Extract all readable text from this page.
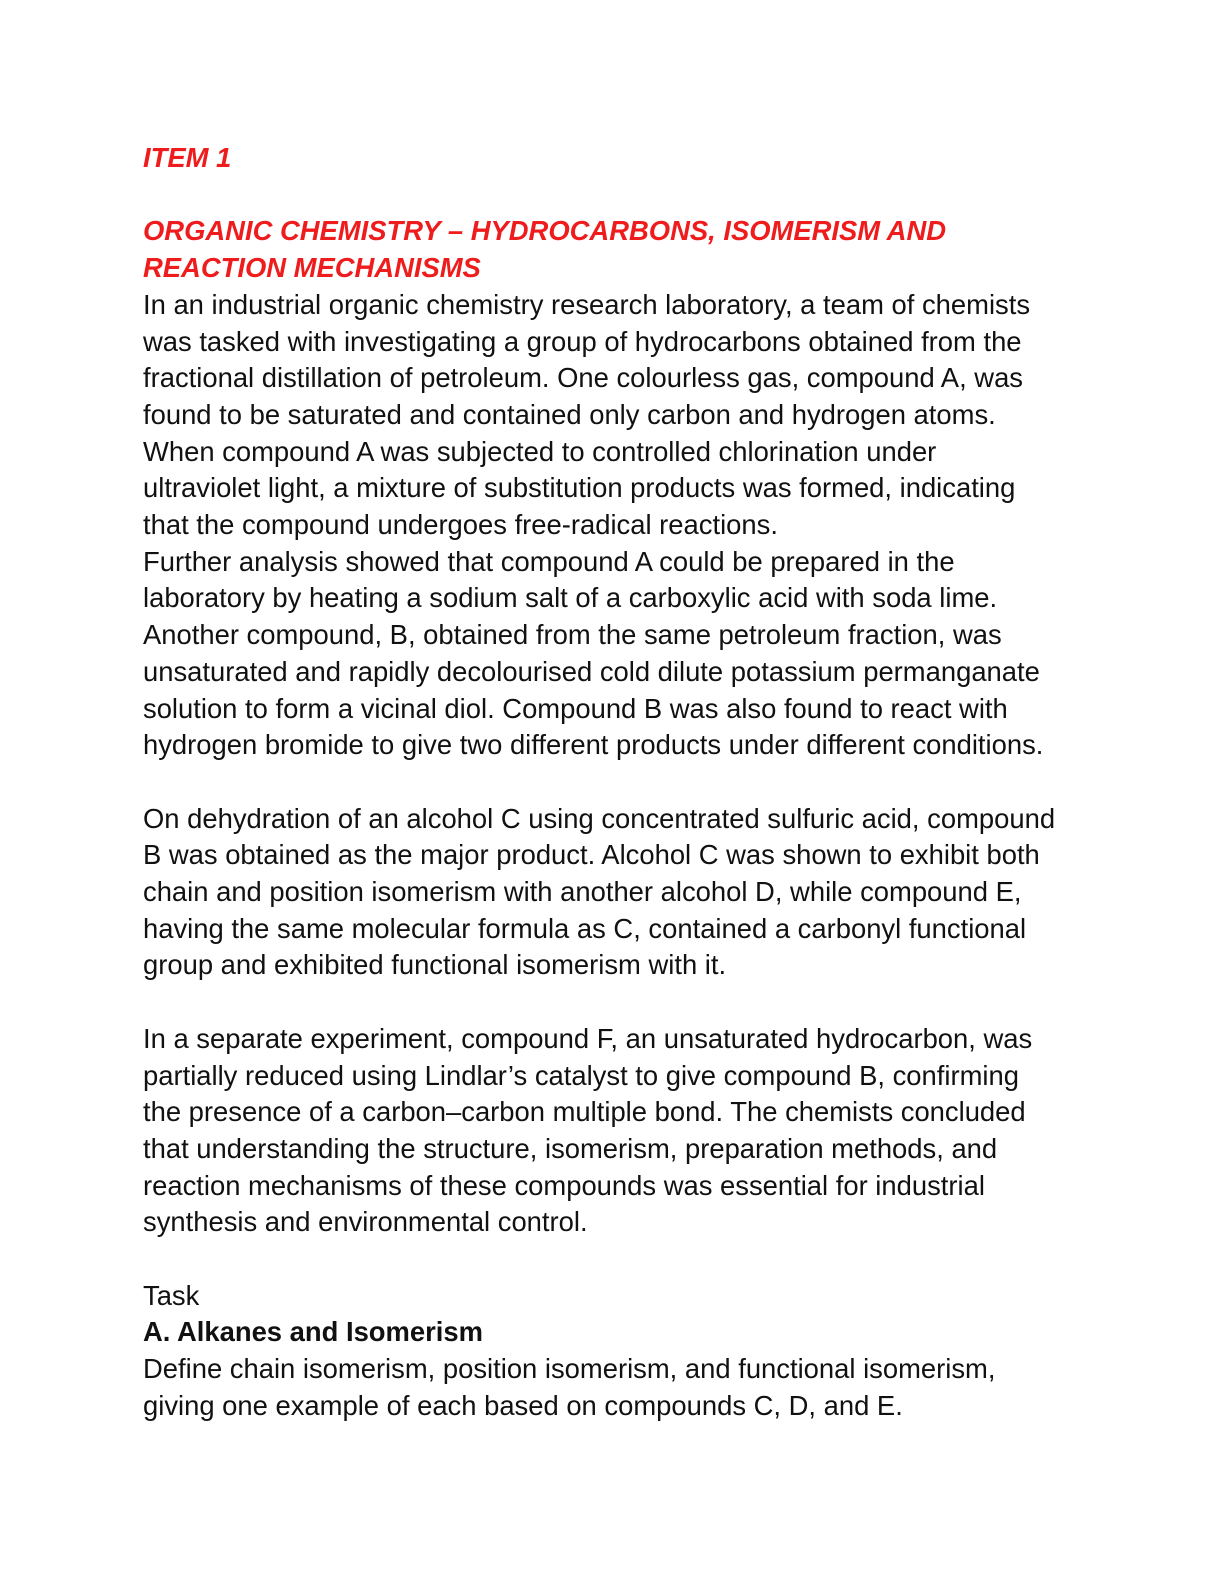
ITEM 1

ORGANIC CHEMISTRY – HYDROCARBONS, ISOMERISM AND
REACTION MECHANISMS

In an industrial organic chemistry research laboratory, a team of chemists
was tasked with investigating a group of hydrocarbons obtained from the
fractional distillation of petroleum. One colourless gas, compound A, was
found to be saturated and contained only carbon and hydrogen atoms.
When compound A was subjected to controlled chlorination under
ultraviolet light, a mixture of substitution products was formed, indicating
that the compound undergoes free-radical reactions.

Further analysis showed that compound A could be prepared in the
laboratory by heating a sodium salt of a carboxylic acid with soda lime.
Another compound, B, obtained from the same petroleum fraction, was
unsaturated and rapidly decolourised cold dilute potassium permanganate
solution to form a vicinal diol. Compound B was also found to react with
hydrogen bromide to give two different products under different conditions.

On dehydration of an alcohol C using concentrated sulfuric acid, compound
B was obtained as the major product. Alcohol C was shown to exhibit both
chain and position isomerism with another alcohol D, while compound E,
having the same molecular formula as C, contained a carbonyl functional
group and exhibited functional isomerism with it.

In a separate experiment, compound F, an unsaturated hydrocarbon, was
partially reduced using Lindlar’s catalyst to give compound B, confirming
the presence of a carbon–carbon multiple bond. The chemists concluded
that understanding the structure, isomerism, preparation methods, and
reaction mechanisms of these compounds was essential for industrial
synthesis and environmental control.

Task

A. Alkanes and Isomerism

Define chain isomerism, position isomerism, and functional isomerism,
giving one example of each based on compounds C, D, and E.
